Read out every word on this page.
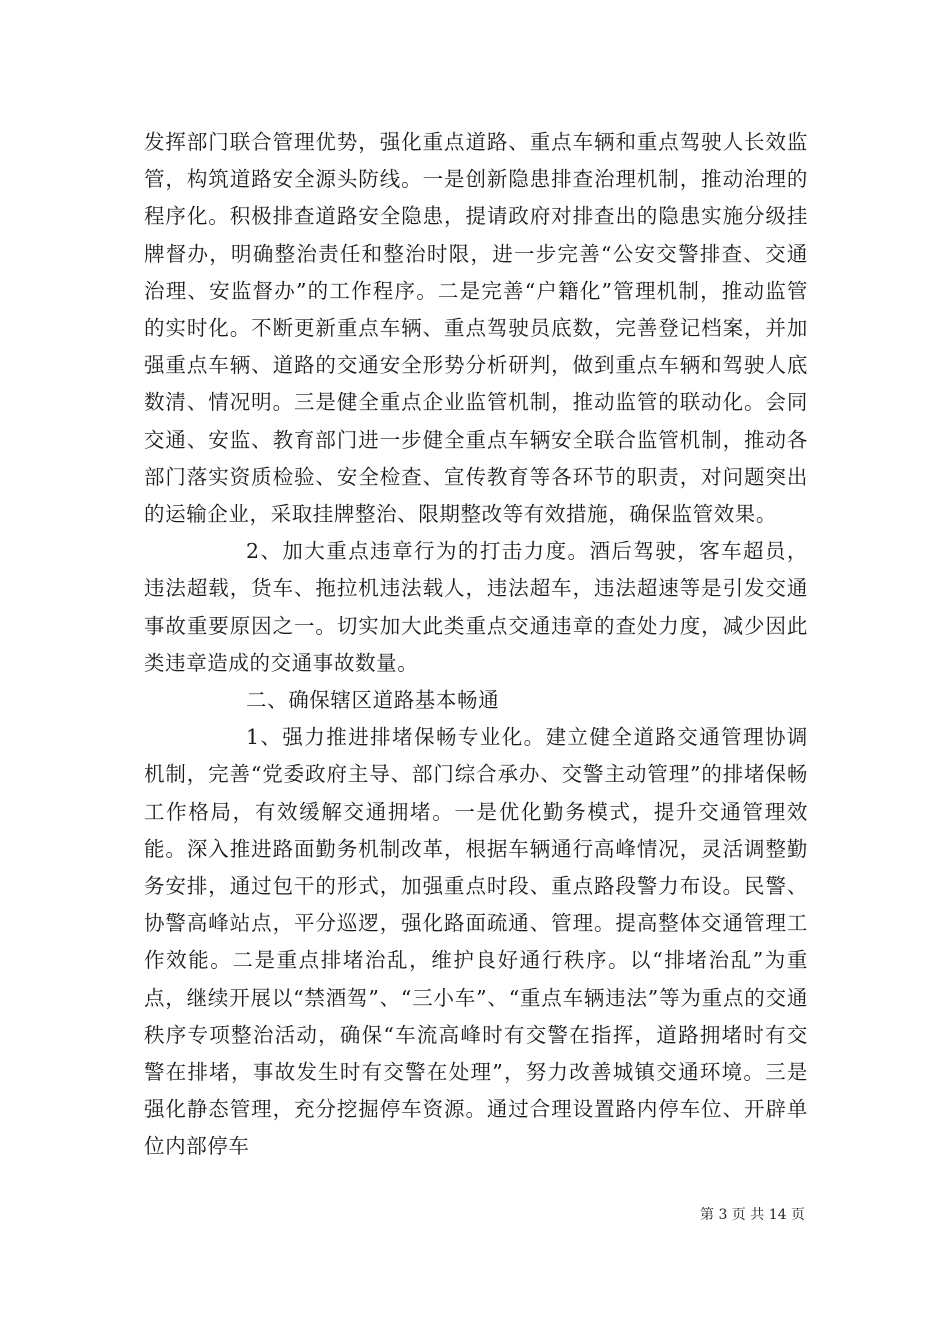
发挥部门联合管理优势，强化重点道路、重点车辆和重点驾驶人长效监管，构筑道路安全源头防线。一是创新隐患排查治理机制，推动治理的程序化。积极排查道路安全隐患，提请政府对排查出的隐患实施分级挂牌督办，明确整治责任和整治时限，进一步完善“公安交警排查、交通治理、安监督办”的工作程序。二是完善“户籍化”管理机制，推动监管的实时化。不断更新重点车辆、重点驾驶员底数，完善登记档案，并加强重点车辆、道路的交通安全形势分析研判，做到重点车辆和驾驶人底数清、情况明。三是健全重点企业监管机制，推动监管的联动化。会同交通、安监、教育部门进一步健全重点车辆安全联合监管机制，推动各部门落实资质检验、安全检查、宣传教育等各环节的职责，对问题突出的运输企业，采取挂牌整治、限期整改等有效措施，确保监管效果。

2、加大重点违章行为的打击力度。酒后驾驶，客车超员，违法超载，货车、拖拉机违法载人，违法超车，违法超速等是引发交通事故重要原因之一。切实加大此类重点交通违章的查处力度，减少因此类违章造成的交通事故数量。

二、确保辖区道路基本畅通

1、强力推进排堵保畅专业化。建立健全道路交通管理协调机制，完善“党委政府主导、部门综合承办、交警主动管理”的排堵保畅工作格局，有效缓解交通拥堵。一是优化勤务模式，提升交通管理效能。深入推进路面勤务机制改革，根据车辆通行高峰情况，灵活调整勤务安排，通过包干的形式，加强重点时段、重点路段警力布设。民警、协警高峰站点，平分巡逻，强化路面疏通、管理。提高整体交通管理工作效能。二是重点排堵治乱，维护良好通行秩序。以“排堵治乱”为重点，继续开展以“禁酒驾”、“三小车”、“重点车辆违法”等为重点的交通秩序专项整治活动，确保“车流高峰时有交警在指挥，道路拥堵时有交警在排堵，事故发生时有交警在处理”，努力改善城镇交通环境。三是强化静态管理，充分挖掘停车资源。通过合理设置路内停车位、开辟单位内部停车

第 3 页 共 14 页
